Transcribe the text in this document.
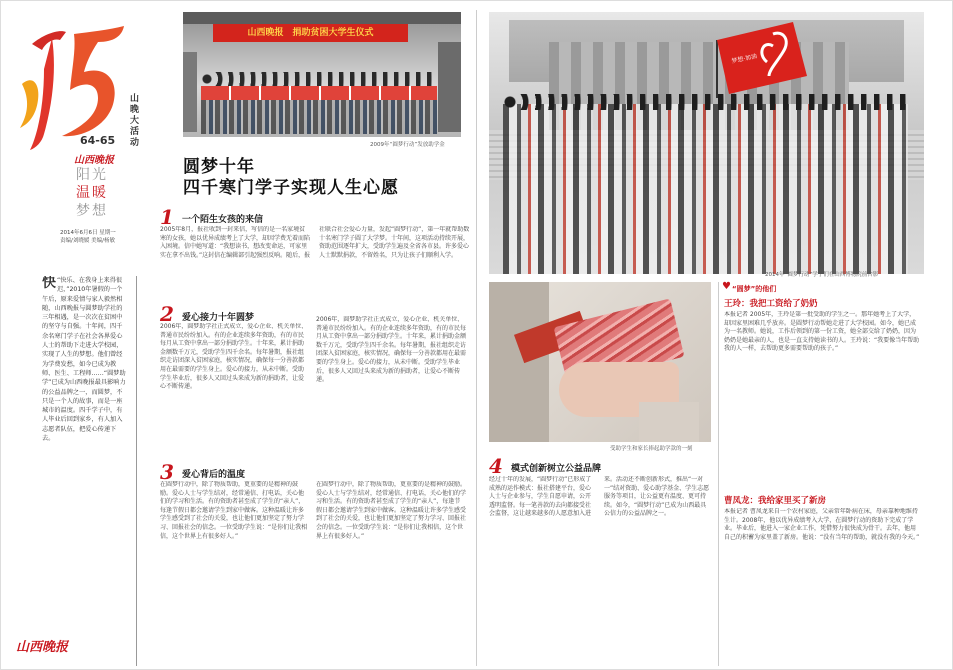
64-65
山西晚报
山晚大活动
阳光
温暖
梦想
2014年6月6日 星期一
责编/刘晓媛 美编/杨敏
快 “快乐、在我身上来得很迟，”2010年暑假的一个午后，原来爱情与家人毅然相随，山西晚报与圆梦助学社的三年相遇，是一次次在贫困中的坚守与自强。十年间，四千余名寒门学子在社会各界爱心人士的帮助下走进大学校园，实现了人生的梦想。他们曾经为学费发愁，如今已成为教师、医生、工程师……“圆梦助学”已成为山西晚报最具影响力的公益品牌之一，而圆梦，不只是一个人的故事，而是一座城市的温度。四千学子中，有人毕业后回到家乡，有人加入志愿者队伍，把爱心传递下去。
山西晚报
山西晚报　捐助贫困大学生仪式
2009年“圆梦行动”发放助学金
圆梦十年
四千寒门学子实现人生心愿
1 一个陌生女孩的来信
2005年8月，报社收到一封来信，写信的是一名家境贫寒的女孩，她以优异成绩考上了大学，却因学费无着而陷入困境。信中她写道：“我想读书，想改变命运，可家里实在拿不出钱。”这封信在编辑部引起强烈反响。随后，报社联合社会爱心力量，发起“圆梦行动”，第一年就帮助数十名寒门学子圆了大学梦。十年间，这项活动持续开展，资助范围逐年扩大，受助学生遍及全省各市县。许多爱心人士默默捐款，不留姓名，只为让孩子们顺利入学。
2 爱心接力十年圆梦
2006年，圆梦助学社正式成立，爱心企业、机关单位、普通市民纷纷加入。有的企业连续多年资助，有的市民每月从工资中拿出一部分捐助学生。十年来，累计捐助金额数千万元，受助学生四千余名。每年暑期，报社组织走访团深入贫困家庭，核实情况，确保每一分善款都用在最需要的学生身上。爱心的接力，从未中断。受助学生毕业后，很多人又回过头来成为新的捐助者，让爱心不断传递。
3 爱心背后的温度
在圆梦行动中，除了物质帮助，更重要的是精神的鼓励。爱心人士与学生结对，经常通信、打电话，关心他们的学习和生活。有的资助者甚至成了学生的“亲人”，每逢节假日都会邀请学生到家中做客。这种温暖让许多学生感受到了社会的关爱，也让他们更加坚定了努力学习、回报社会的信念。一位受助学生说：“是你们让我相信，这个世界上有很多好人。”
2006年，圆梦助学社正式成立，爱心企业、机关单位、普通市民纷纷加入。有的企业连续多年资助，有的市民每月从工资中拿出一部分捐助学生。十年来，累计捐助金额数千万元，受助学生四千余名。每年暑期，报社组织走访团深入贫困家庭，核实情况，确保每一分善款都用在最需要的学生身上。爱心的接力，从未中断。受助学生毕业后，很多人又回过头来成为新的捐助者，让爱心不断传递。
在圆梦行动中，除了物质帮助，更重要的是精神的鼓励。爱心人士与学生结对，经常通信、打电话，关心他们的学习和生活。有的资助者甚至成了学生的“亲人”，每逢节假日都会邀请学生到家中做客。这种温暖让许多学生感受到了社会的关爱，也让他们更加坚定了努力学习、回报社会的信念。一位受助学生说：“是你们让我相信，这个世界上有很多好人。”
梦想·加油
2014年“圆梦行动”学子们在山西博物院前合影
受助学生和家长捧起助学款的一刻
4 模式创新树立公益品牌
经过十年的发展，“圆梦行动”已形成了成熟的运作模式：报社搭建平台，爱心人士与企业参与，学生自愿申请，公开透明监督。每一笔善款的去向都接受社会监督，这让越来越多的人愿意加入进来。活动还不断创新形式，推出“一对一”结对资助、爱心助学基金、学生志愿服务等项目，让公益更有温度、更可持续。如今，“圆梦行动”已成为山西最具公信力的公益品牌之一。
“圆梦”的他们
♥
王玲：我把工资给了奶奶
本报记者 2005年，王玲是第一批受助的学生之一。那年她考上了大学，却因家里困难几乎放弃。是圆梦行动帮她走进了大学校园。如今，她已成为一名教师。她说，工作后领到的第一份工资，她全部交给了奶奶，因为奶奶是她最亲的人，也是一直支持她读书的人。王玲说：“我要像当年帮助我的人一样，去帮助更多需要帮助的孩子。”
曹凤龙：我给家里买了新房
本报记者 曹凤龙来自一个农村家庭，父亲常年卧病在床，母亲靠种地维持生计。2008年，他以优异成绩考入大学，在圆梦行动的资助下完成了学业。毕业后，他进入一家企业工作，凭借努力很快成为骨干。去年，他用自己的积蓄为家里盖了新房。他说：“没有当年的帮助，就没有我的今天。”
